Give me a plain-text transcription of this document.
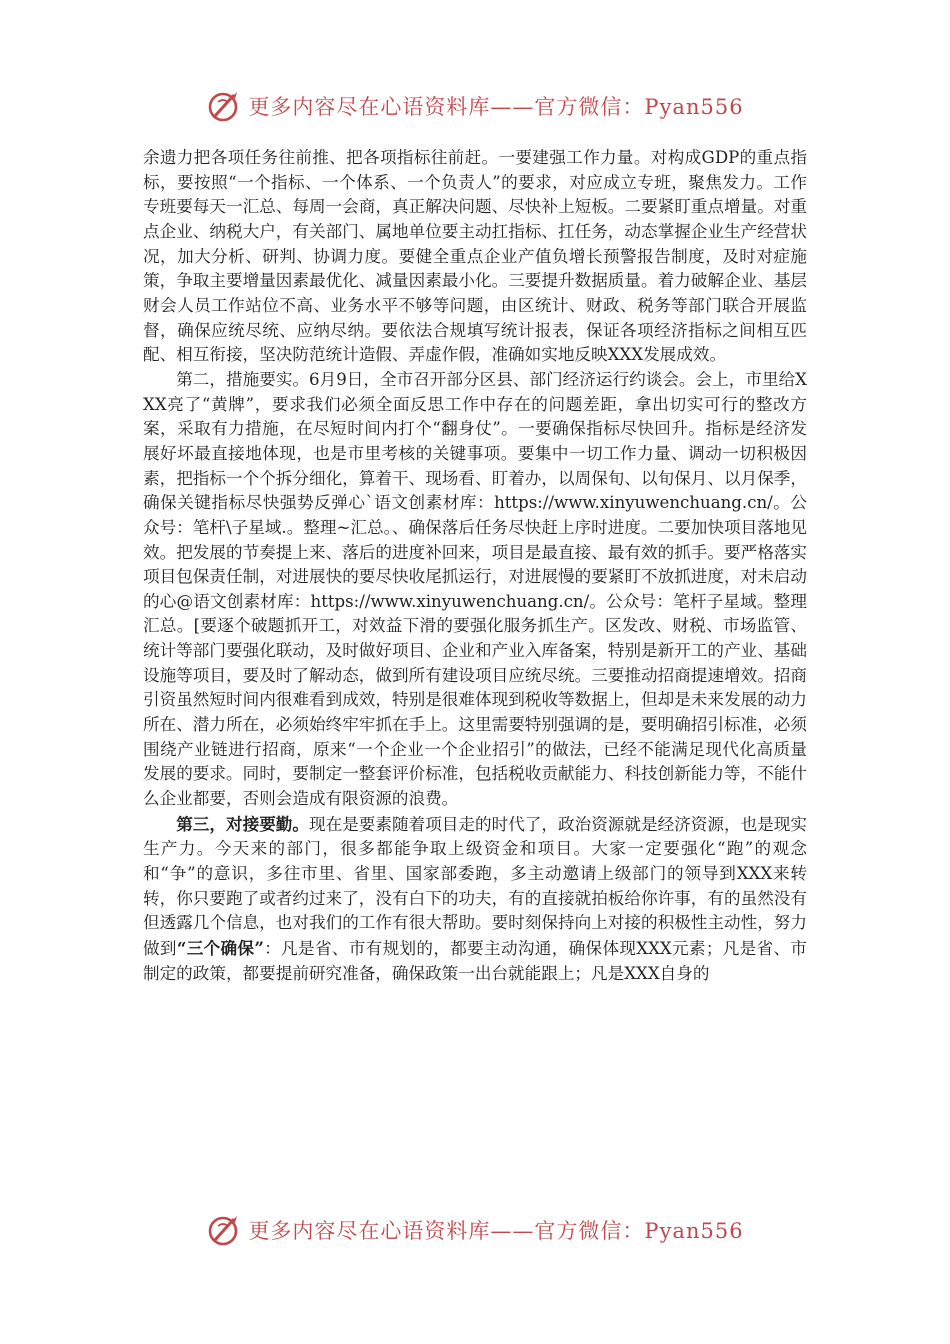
更多内容尽在心语资料库——官方微信：Pyan556

余遗力把各项任务往前推、把各项指标往前赶。一要建强工作力量。对构成GDP的重点指标，要按照“一个指标、一个体系、一个负责人”的要求，对应成立专班，聚焦发力。工作专班要每天一汇总、每周一会商，真正解决问题、尽快补上短板。二要紧盯重点增量。对重点企业、纳税大户，有关部门、属地单位要主动扛指标、扛任务，动态掌握企业生产经营状况，加大分析、研判、协调力度。要健全重点企业产值负增长预警报告制度，及时对症施策，争取主要增量因素最优化、减量因素最小化。三要提升数据质量。着力破解企业、基层财会人员工作站位不高、业务水平不够等问题，由区统计、财政、税务等部门联合开展监督，确保应统尽统、应纳尽纳。要依法合规填写统计报表，保证各项经济指标之间相互匹配、相互衔接，坚决防范统计造假、弄虚作假，准确如实地反映XXX发展成效。

第二，措施要实。6月9日，全市召开部分区县、部门经济运行约谈会。会上，市里给XXX亮了“黄牌”，要求我们必须全面反思工作中存在的问题差距，拿出切实可行的整改方案，采取有力措施，在尽短时间内打个“翻身仗”。一要确保指标尽快回升。指标是经济发展好坏最直接地体现，也是市里考核的关键事项。要集中一切工作力量、调动一切积极因素，把指标一个个拆分细化，算着干、现场看、盯着办，以周保旬、以旬保月、以月保季，确保关键指标尽快强势反弹心`语文创素材库：https://www.xinyuwenchuang.cn/。公众号：笔杆\子星域.。整理~汇总。、确保落后任务尽快赶上序时进度。二要加快项目落地见效。把发展的节奏提上来、落后的进度补回来，项目是最直接、最有效的抓手。要严格落实项目包保责任制，对进展快的要尽快收尾抓运行，对进展慢的要紧盯不放抓进度，对未启动的心@语文创素材库：https://www.xinyuwenchuang.cn/。公众号：笔杆子星域。整理汇总。[要逐个破题抓开工，对效益下滑的要强化服务抓生产。区发改、财税、市场监管、统计等部门要强化联动，及时做好项目、企业和产业入库备案，特别是新开工的产业、基础设施等项目，要及时了解动态，做到所有建设项目应统尽统。三要推动招商提速增效。招商引资虽然短时间内很难看到成效，特别是很难体现到税收等数据上，但却是未来发展的动力所在、潜力所在，必须始终牢牢抓在手上。这里需要特别强调的是，要明确招引标准，必须围绕产业链进行招商，原来“一个企业一个企业招引”的做法，已经不能满足现代化高质量发展的要求。同时，要制定一整套评价标准，包括税收贡献能力、科技创新能力等，不能什么企业都要，否则会造成有限资源的浪费。

第三，对接要勤。现在是要素随着项目走的时代了，政治资源就是经济资源，也是现实生产力。今天来的部门，很多都能争取上级资金和项目。大家一定要强化“跑”的观念和“争”的意识，多往市里、省里、国家部委跑，多主动邀请上级部门的领导到XXX来转转，你只要跑了或者约过来了，没有白下的功夫，有的直接就拍板给你许事，有的虽然没有但透露几个信息，也对我们的工作有很大帮助。要时刻保持向上对接的积极性主动性，努力做到“三个确保”：凡是省、市有规划的，都要主动沟通，确保体现XXX元素；凡是省、市制定的政策，都要提前研究准备，确保政策一出台就能跟上；凡是XXX自身的

更多内容尽在心语资料库——官方微信：Pyan556
